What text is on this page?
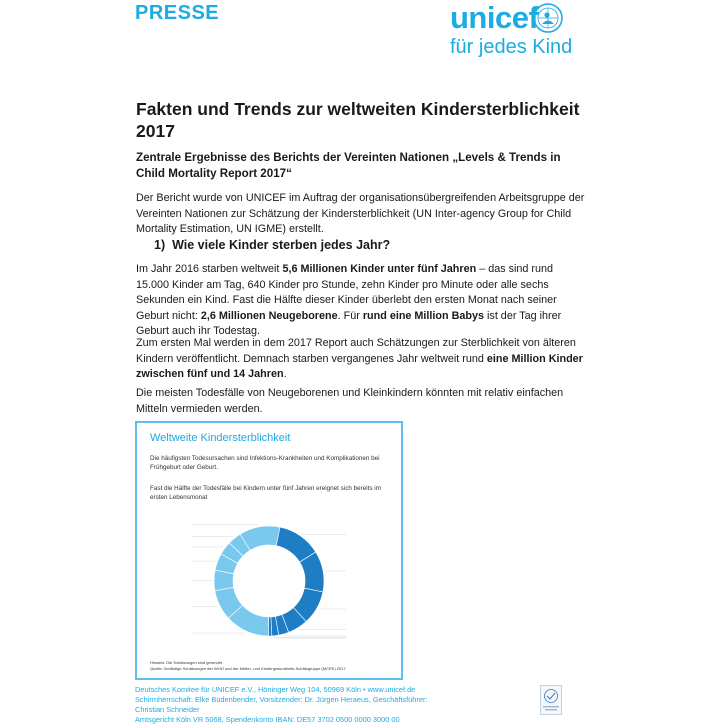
PRESSE	unicef
für jedes Kind
Fakten und Trends zur weltweiten Kindersterblichkeit 2017
Zentrale Ergebnisse des Berichts der Vereinten Nationen „Levels & Trends in Child Mortality Report 2017“
Der Bericht wurde von UNICEF im Auftrag der organisationsübergreifenden Arbeitsgruppe der Vereinten Nationen zur Schätzung der Kindersterblichkeit (UN Inter-agency Group for Child Mortality Estimation, UN IGME) erstellt.
1) Wie viele Kinder sterben jedes Jahr?
Im Jahr 2016 starben weltweit 5,6 Millionen Kinder unter fünf Jahren – das sind rund 15.000 Kinder am Tag, 640 Kinder pro Stunde, zehn Kinder pro Minute oder alle sechs Sekunden ein Kind. Fast die Hälfte dieser Kinder überlebt den ersten Monat nach seiner Geburt nicht: 2,6 Millionen Neugeborene. Für rund eine Million Babys ist der Tag ihrer Geburt auch ihr Todestag.
Zum ersten Mal werden in dem 2017 Report auch Schätzungen zur Sterblichkeit von älteren Kindern veröffentlicht. Demnach starben vergangenes Jahr weltweit rund eine Million Kinder zwischen fünf und 14 Jahren.
Die meisten Todesfälle von Neugeborenen und Kleinkindern könnten mit relativ einfachen Mitteln vermieden werden.
Weltweite Kindersterblichkeit
Die häufigsten Todesursachen sind Infektions-Krankheiten und Komplikationen bei Frühgeburt oder Geburt.
Fast die Hälfte der Todesfälle bei Kindern unter fünf Jahren ereignet sich bereits im ersten Lebensmonat
Hinweis: Die Schätzungen sind gerundet.
Quelle: Vorläufige Schätzungen der WHO und der Mütter- und Kindergesundheits-Schätzgruppe (MCEE) 2017
Deutsches Komitee für UNICEF e.V., Höninger Weg 104, 50969 Köln • www.unicef.de
Schirmherrschaft: Elke Büdenbender, Vorsitzender: Dr. Jürgen Heraeus, Geschäftsführer: Christian Schneider
Amtsgericht Köln VR 5068, Spendenkonto IBAN: DE57 3702 0500 0000 3000 00
